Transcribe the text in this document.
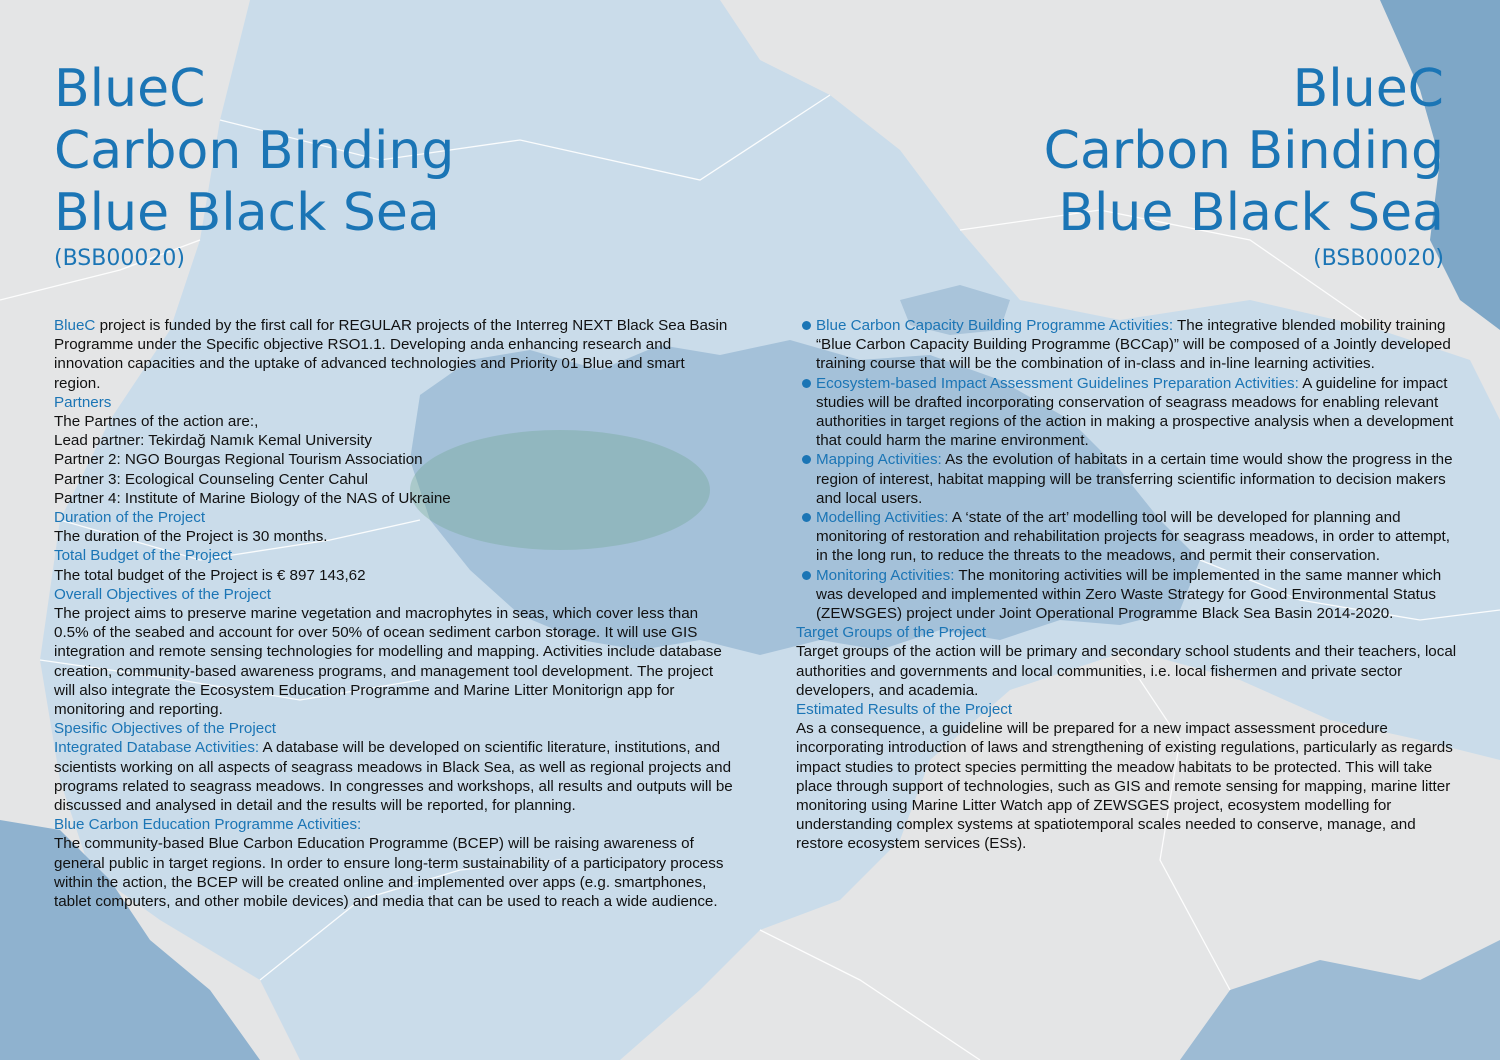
BlueC
Carbon Binding
Blue Black Sea
(BSB00020)
BlueC
Carbon Binding
Blue Black Sea
(BSB00020)

BlueC project is funded by the first call for REGULAR projects of the Interreg NEXT Black Sea Basin Programme under the Specific objective RSO1.1. Developing anda enhancing research and innovation capacities and the uptake of advanced technologies and Priority 01 Blue and smart region.

Partners

The Partnes of the action are:,

Lead partner: Tekirdağ Namık Kemal University

Partner 2: NGO Bourgas Regional Tourism Association

Partner 3: Ecological Counseling Center Cahul

Partner 4: Institute of Marine Biology of the NAS of Ukraine

Duration of the Project

The duration of the Project is 30 months.

Total Budget of the Project

The total budget of the Project is € 897 143,62

Overall Objectives of the Project

The project aims to preserve marine vegetation and macrophytes in seas, which cover less than 0.5% of the seabed and account for over 50% of ocean sediment carbon storage. It will use GIS integration and remote sensing technologies for modelling and mapping. Activities include database creation, community-based awareness programs, and management tool development. The project will also integrate the Ecosystem Education Programme and Marine Litter Monitorign app for monitoring and reporting.

Spesific Objectives of the Project

Integrated Database Activities: A database will be developed on scientific literature, institutions, and scientists working on all aspects of seagrass meadows in Black Sea, as well as regional projects and programs related to seagrass meadows. In congresses and workshops, all results and outputs will be discussed and analysed in detail and the results will be reported, for planning.

Blue Carbon Education Programme Activities:

The community-based Blue Carbon Education Programme (BCEP) will be raising awareness of general public in target regions. In order to ensure long-term sustainability of a participatory process within the action, the BCEP will be created online and implemented over apps (e.g. smartphones, tablet computers, and other mobile devices) and media that can be used to reach a wide audience.

Blue Carbon Capacity Building Programme Activities: The integrative blended mobility training “Blue Carbon Capacity Building Programme (BCCap)” will be composed of a Jointly developed training course that will be the combination of in-class and in-line learning activities.
Ecosystem-based Impact Assessment Guidelines Preparation Activities: A guideline for impact studies will be drafted incorporating conservation of seagrass meadows for enabling relevant authorities in target regions of the action in making a prospective analysis when a development that could harm the marine environment.
Mapping Activities: As the evolution of habitats in a certain time would show the progress in the region of interest, habitat mapping will be transferring scientific information to decision makers and local users.
Modelling Activities: A ‘state of the art’ modelling tool will be developed for planning and monitoring of restoration and rehabilitation projects for seagrass meadows, in order to attempt, in the long run, to reduce the threats to the meadows, and permit their conservation.
Monitoring Activities: The monitoring activities will be implemented in the same manner which was developed and implemented within Zero Waste Strategy for Good Environmental Status (ZEWSGES) project under Joint Operational Programme Black Sea Basin 2014-2020.

Target Groups of the Project

Target groups of the action will be primary and secondary school students and their teachers, local authorities and governments and local communities, i.e. local fishermen and private sector developers, and academia.

Estimated Results of the Project

As a consequence, a guideline will be prepared for a new impact assessment procedure incorporating introduction of laws and strengthening of existing regulations, particularly as regards impact studies to protect species permitting the meadow habitats to be protected. This will take place through support of technologies, such as GIS and remote sensing for mapping, marine litter monitoring using Marine Litter Watch app of ZEWSGES project, ecosystem modelling for understanding complex systems at spatiotemporal scales needed to conserve, manage, and restore ecosystem services (ESs).
